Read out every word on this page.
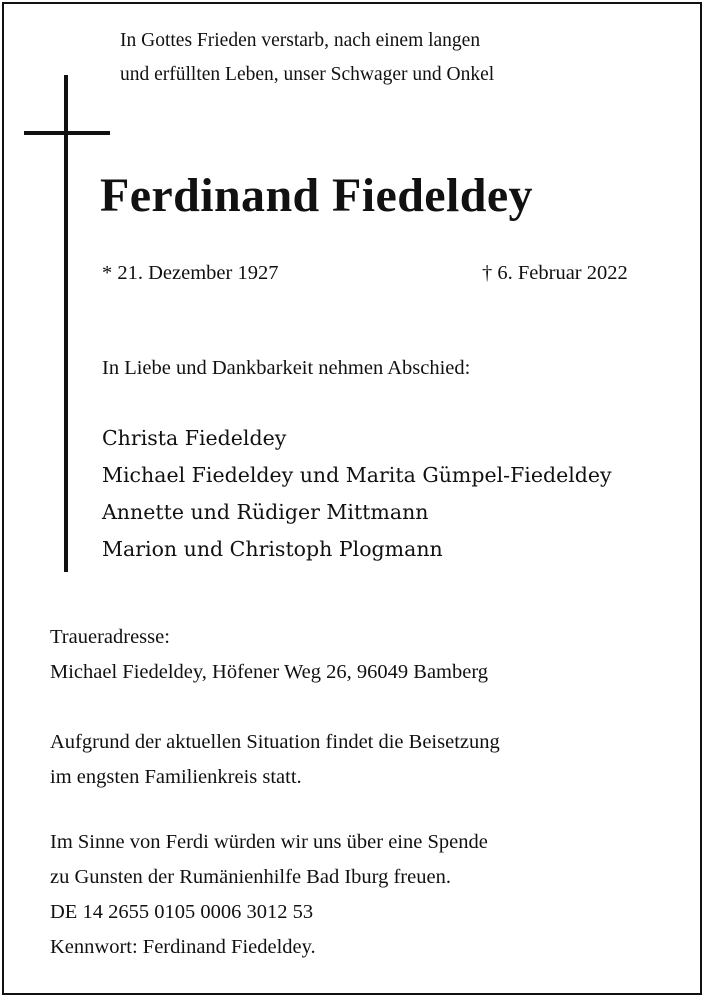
In Gottes Frieden verstarb, nach einem langen
und erfüllten Leben, unser Schwager und Onkel
Ferdinand Fiedeldey
* 21. Dezember 1927	† 6. Februar 2022
In Liebe und Dankbarkeit nehmen Abschied:
Christa Fiedeldey
Michael Fiedeldey und Marita Gümpel-Fiedeldey
Annette und Rüdiger Mittmann
Marion und Christoph Plogmann
Traueradresse:
Michael Fiedeldey, Höfener Weg 26, 96049 Bamberg
Aufgrund der aktuellen Situation findet die Beisetzung
im engsten Familienkreis statt.
Im Sinne von Ferdi würden wir uns über eine Spende
zu Gunsten der Rumänienhilfe Bad Iburg freuen.
DE 14 2655 0105 0006 3012 53
Kennwort: Ferdinand Fiedeldey.
